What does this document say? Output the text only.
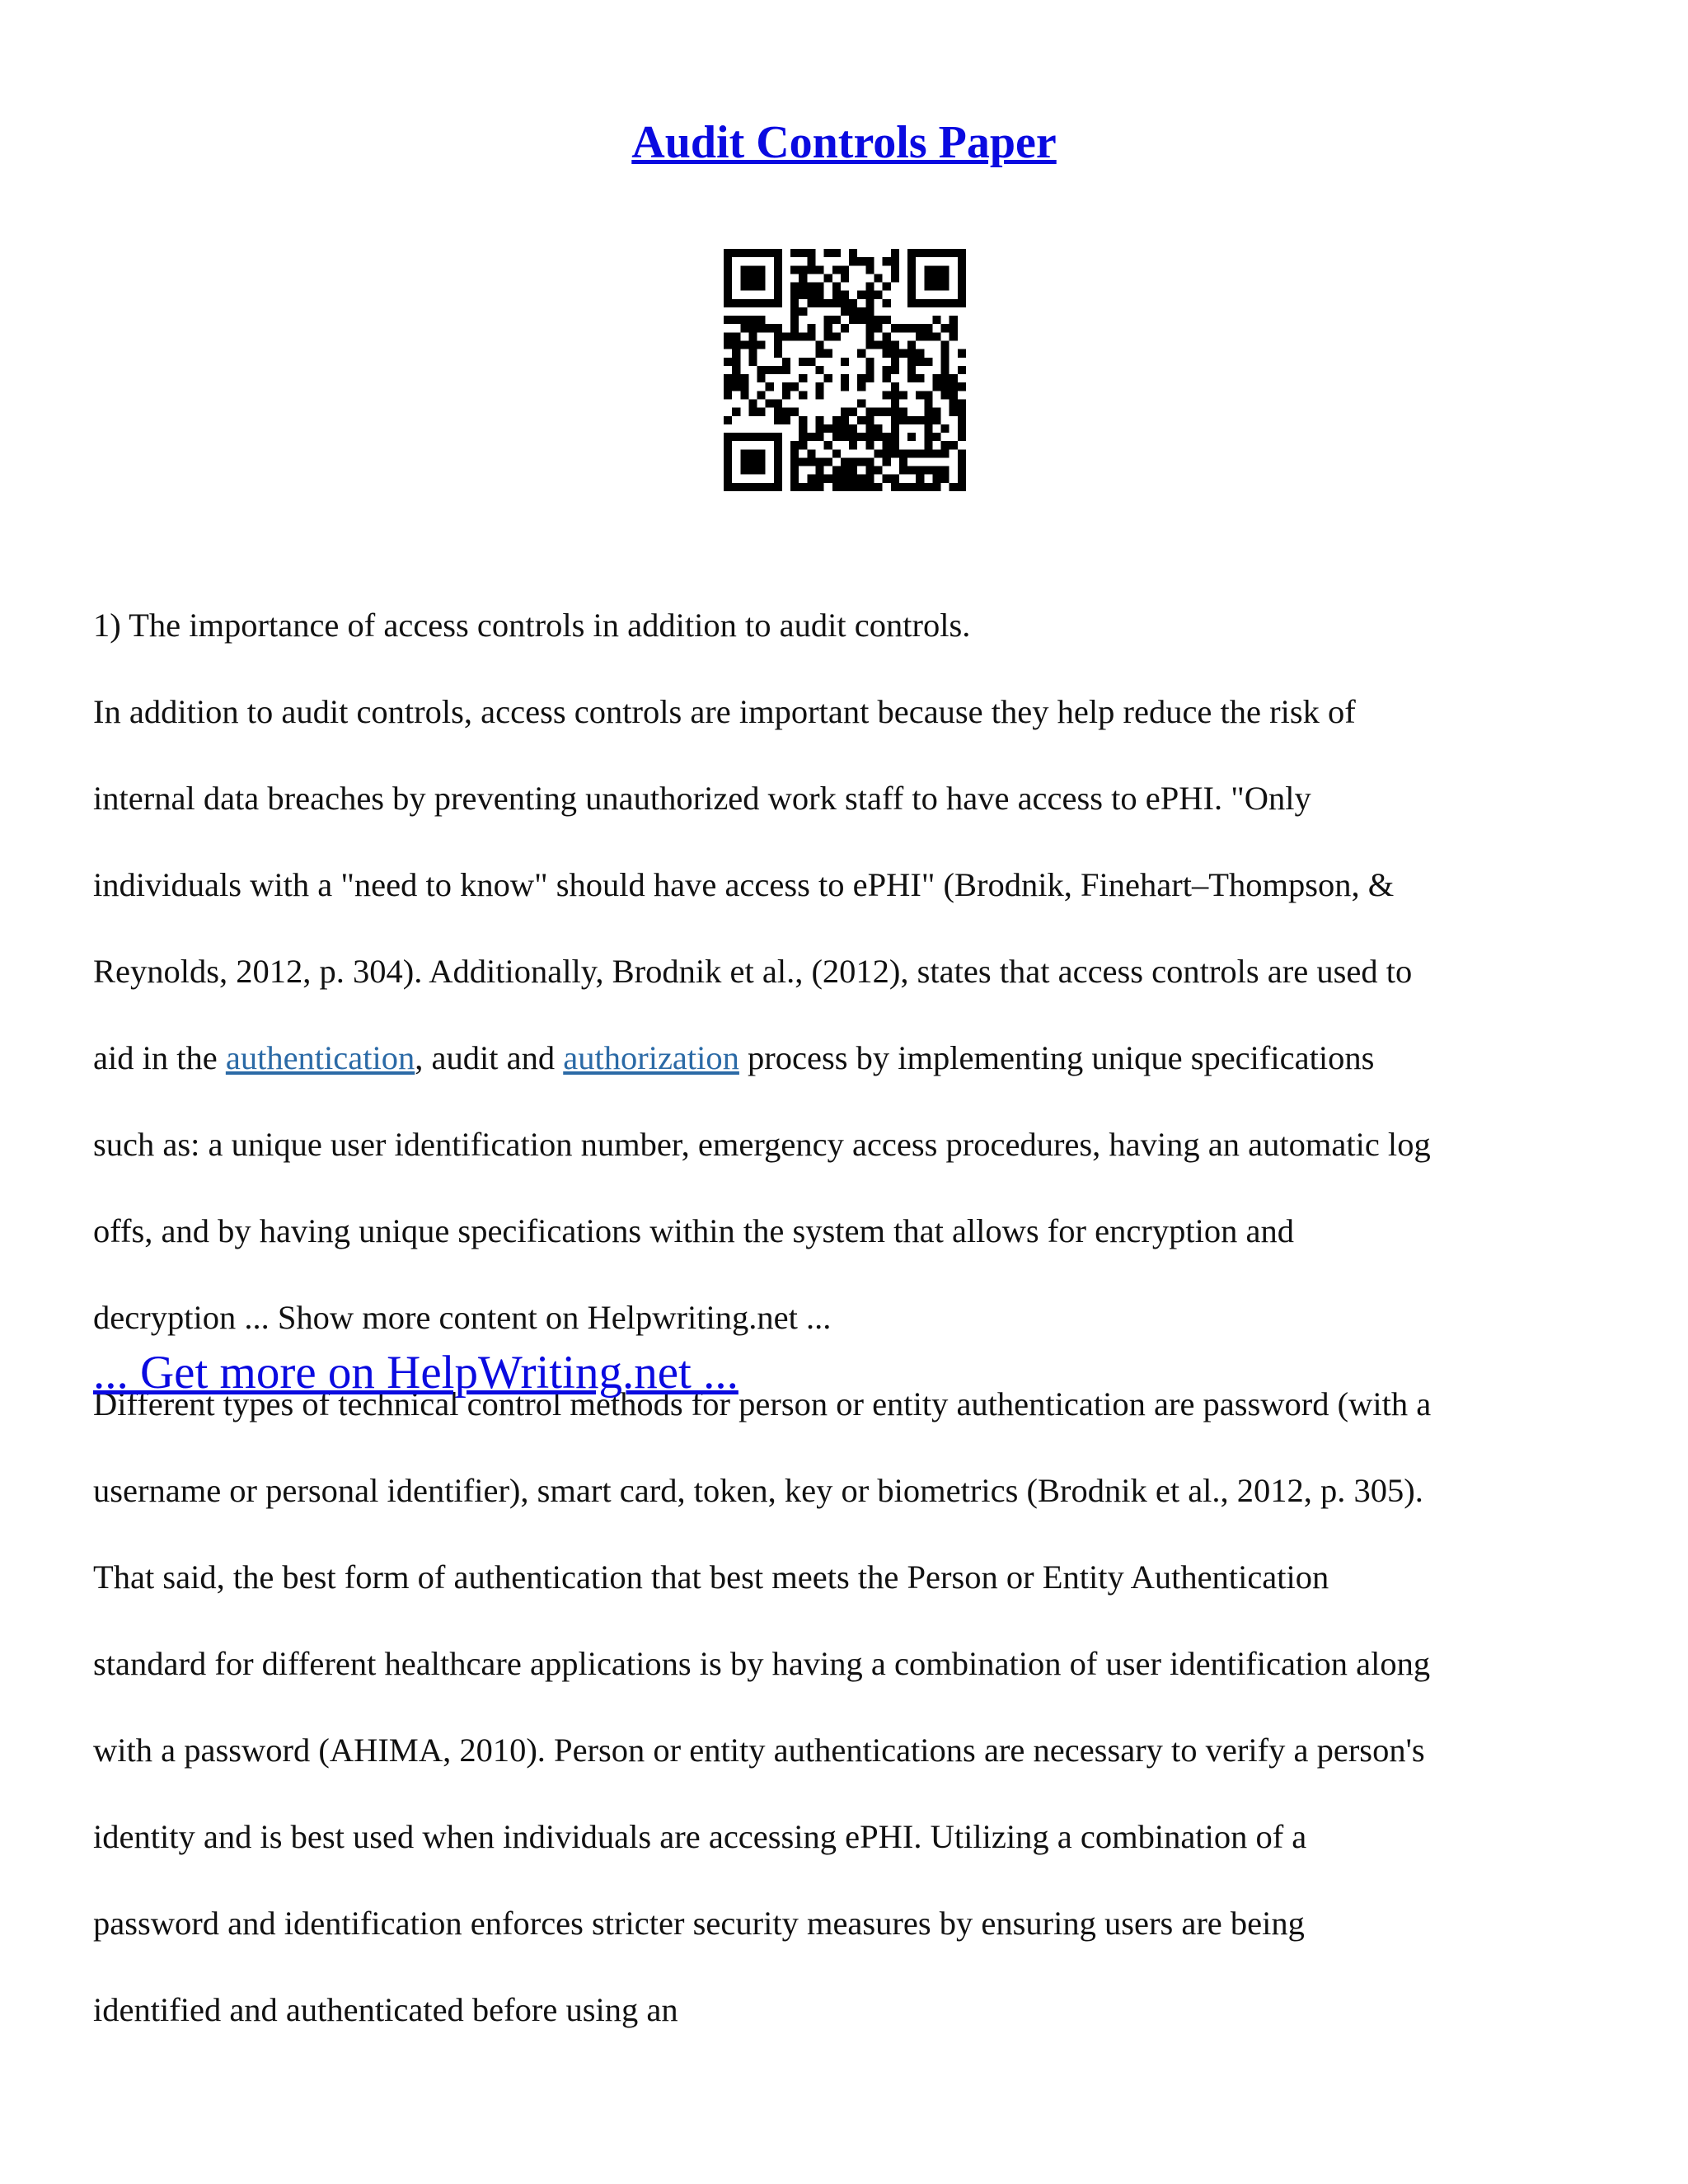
Audit Controls Paper

1) The importance of access controls in addition to audit controls.

In addition to audit controls, access controls are important because they help reduce the risk of

internal data breaches by preventing unauthorized work staff to have access to ePHI. "Only

individuals with a "need to know" should have access to ePHI" (Brodnik, Finehart–Thompson, &

Reynolds, 2012, p. 304). Additionally, Brodnik et al., (2012), states that access controls are used to

aid in the authentication, audit and authorization process by implementing unique specifications

such as: a unique user identification number, emergency access procedures, having an automatic log

offs, and by having unique specifications within the system that allows for encryption and

decryption ... Show more content on Helpwriting.net ...

Different types of technical control methods for person or entity authentication are password (with a

username or personal identifier), smart card, token, key or biometrics (Brodnik et al., 2012, p. 305).

That said, the best form of authentication that best meets the Person or Entity Authentication

standard for different healthcare applications is by having a combination of user identification along

with a password (AHIMA, 2010). Person or entity authentications are necessary to verify a person's

identity and is best used when individuals are accessing ePHI. Utilizing a combination of a

password and identification enforces stricter security measures by ensuring users are being

identified and authenticated before using an

... Get more on HelpWriting.net ...
